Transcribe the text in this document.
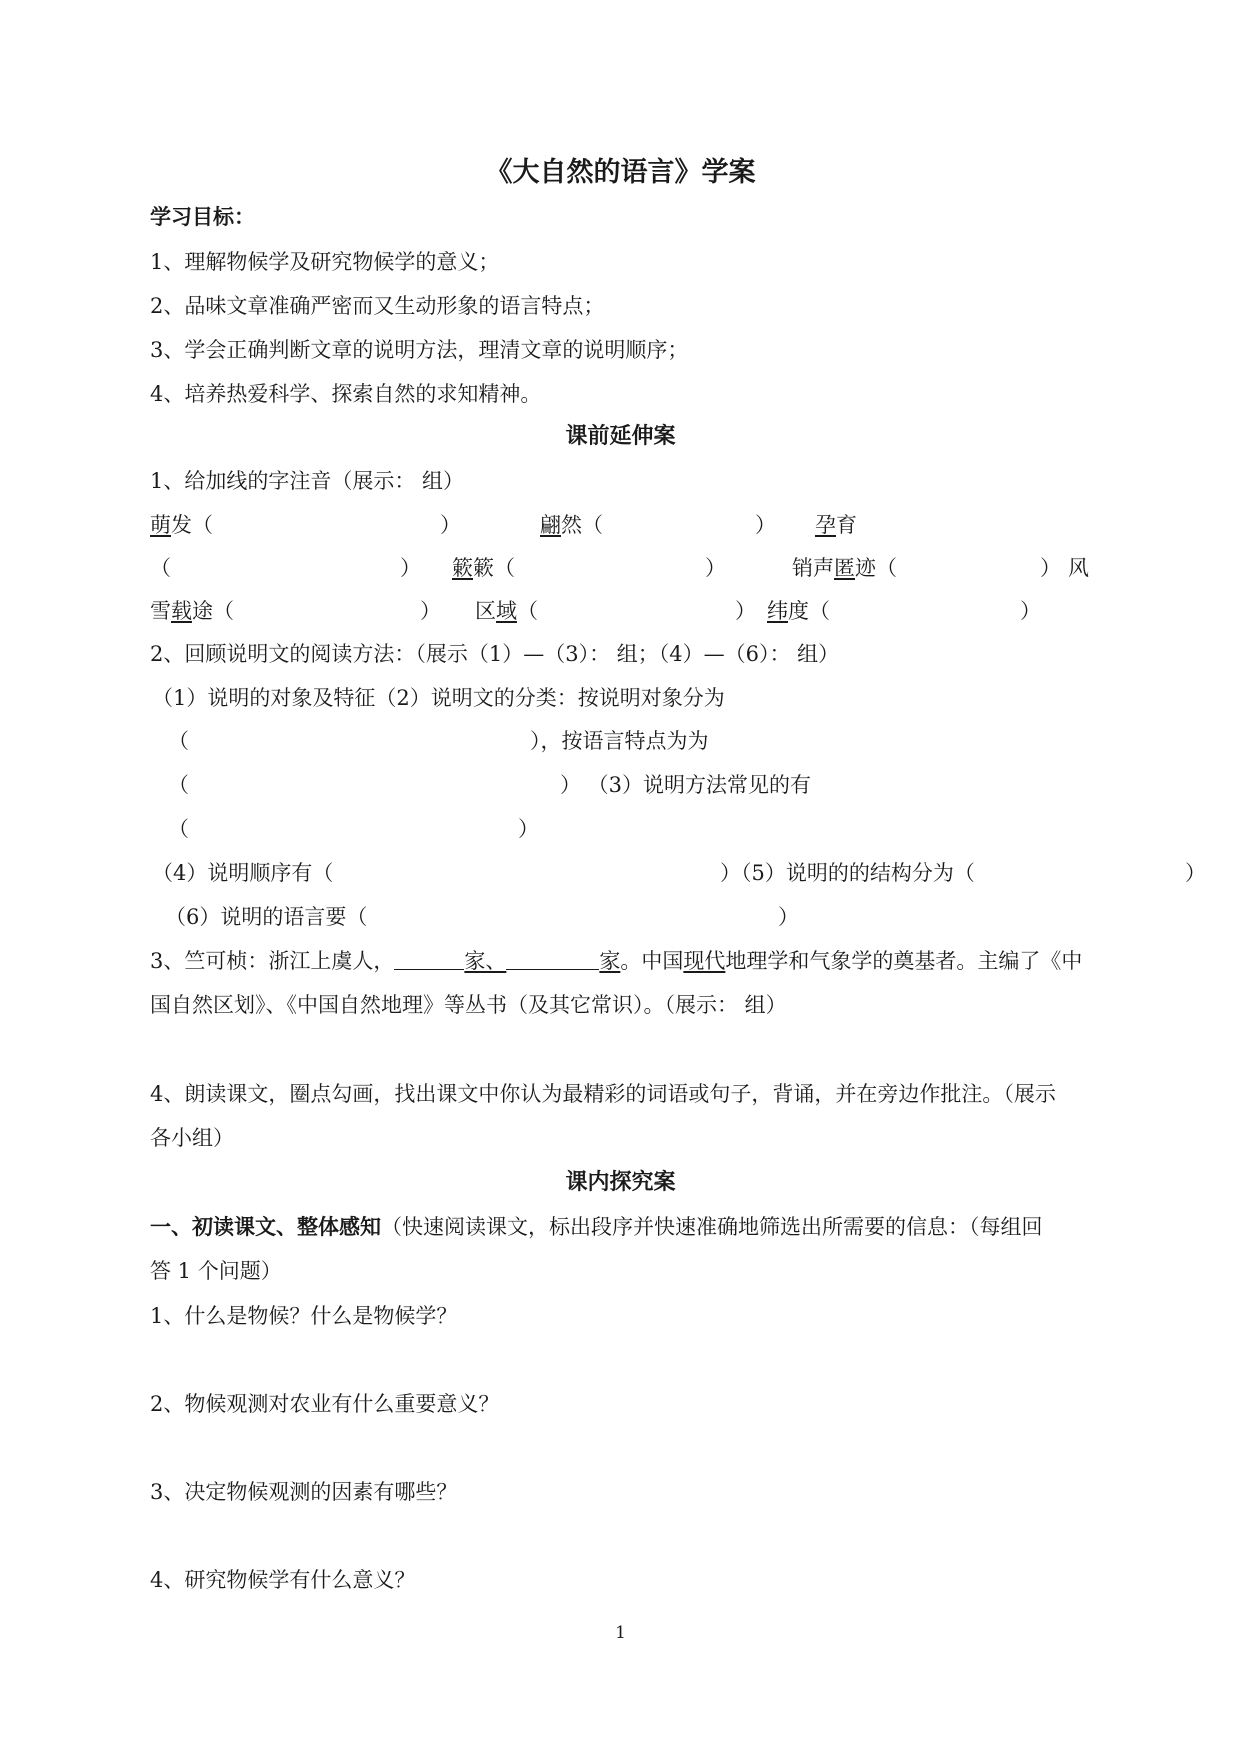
《大自然的语言》学案
学习目标：
1、理解物候学及研究物候学的意义；
2、品味文章准确严密而又生动形象的语言特点；
3、学会正确判断文章的说明方法，理清文章的说明顺序；
4、培养热爱科学、探索自然的求知精神。
课前延伸案
1、给加线的字注音（展示： 组）
萌发（	）	翩然（	） 孕育
（	） 簌簌（	）	销声匿迹（	） 风
雪载途（	） 区域（	） 纬度（	）
2、回顾说明文的阅读方法：（展示（1）—（3）： 组；（4）—（6）： 组）
（1）说明的对象及特征（2）说明文的分类：按说明对象分为
（	），按语言特点为为
（	） （3）说明方法常见的有
（	）
（4）说明顺序有（	）（5）说明的的结构分为（	）
（6）说明的语言要（	）
3、竺可桢：浙江上虞人，	家、	家。中国现代地理学和气象学的奠基者。主编了《中
国自然区划》、《中国自然地理》等丛书（及其它常识）。（展示： 组）
4、朗读课文，圈点勾画，找出课文中你认为最精彩的词语或句子，背诵，并在旁边作批注。（展示
各小组）
课内探究案
一、初读课文、整体感知（快速阅读课文，标出段序并快速准确地筛选出所需要的信息：（每组回
答 1 个问题）
1、什么是物候？什么是物候学？
2、物候观测对农业有什么重要意义？
3、决定物候观测的因素有哪些？
4、研究物候学有什么意义？
1
